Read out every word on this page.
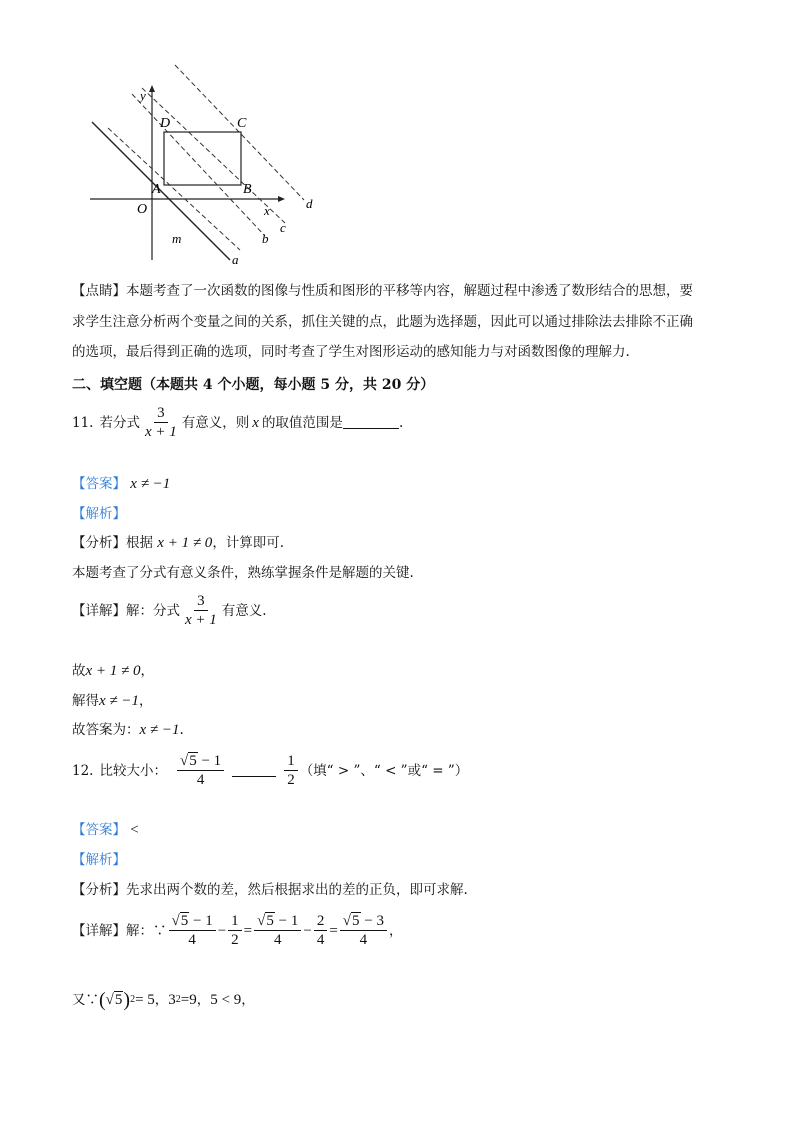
y
x
O
A	B
C
D
m
a
b
c
d
【点睛】本题考查了一次函数的图像与性质和图形的平移等内容，解题过程中渗透了数形结合的思想，要
求学生注意分析两个变量之间的关系，抓住关键的点，此题为选择题，因此可以通过排除法去排除不正确
的选项，最后得到正确的选项，同时考查了学生对图形运动的感知能力与对函数图像的理解力.
二、填空题（本题共 4 个小题，每小题 5 分，共 20 分）
11. 若分式 $\frac{3}{x + 1}$ 有意义，则 x 的取值范围是	.
【答案】 x ≠ −1
【解析】
【分析】根据 x + 1 ≠ 0，计算即可.
本题考查了分式有意义条件，熟练掌握条件是解题的关键.
【详解】 解：分式 $\frac{3}{x + 1}$ 有意义.
故x + 1 ≠ 0，
解得x ≠ −1，
故答案为：x ≠ −1.
12. 比较大小： $\frac{√5 - 1}{4}$	$\frac{1}{2}$ （填“ > ”、“ < ”或“ = ”）
【答案】 <
【解析】
【分析】先求出两个数的差，然后根据求出的差的正负，即可求解.
【详解】 解：∵ $\frac{√5 - 1}{4} - \frac{1}{2} = \frac{√5 - 1}{4} - \frac{2}{4} = \frac{√5 - 3}{4}$ ，
又∵ ( √5 ) 2 = 5 ， 3 2 =9 ， 5 < 9 ，
